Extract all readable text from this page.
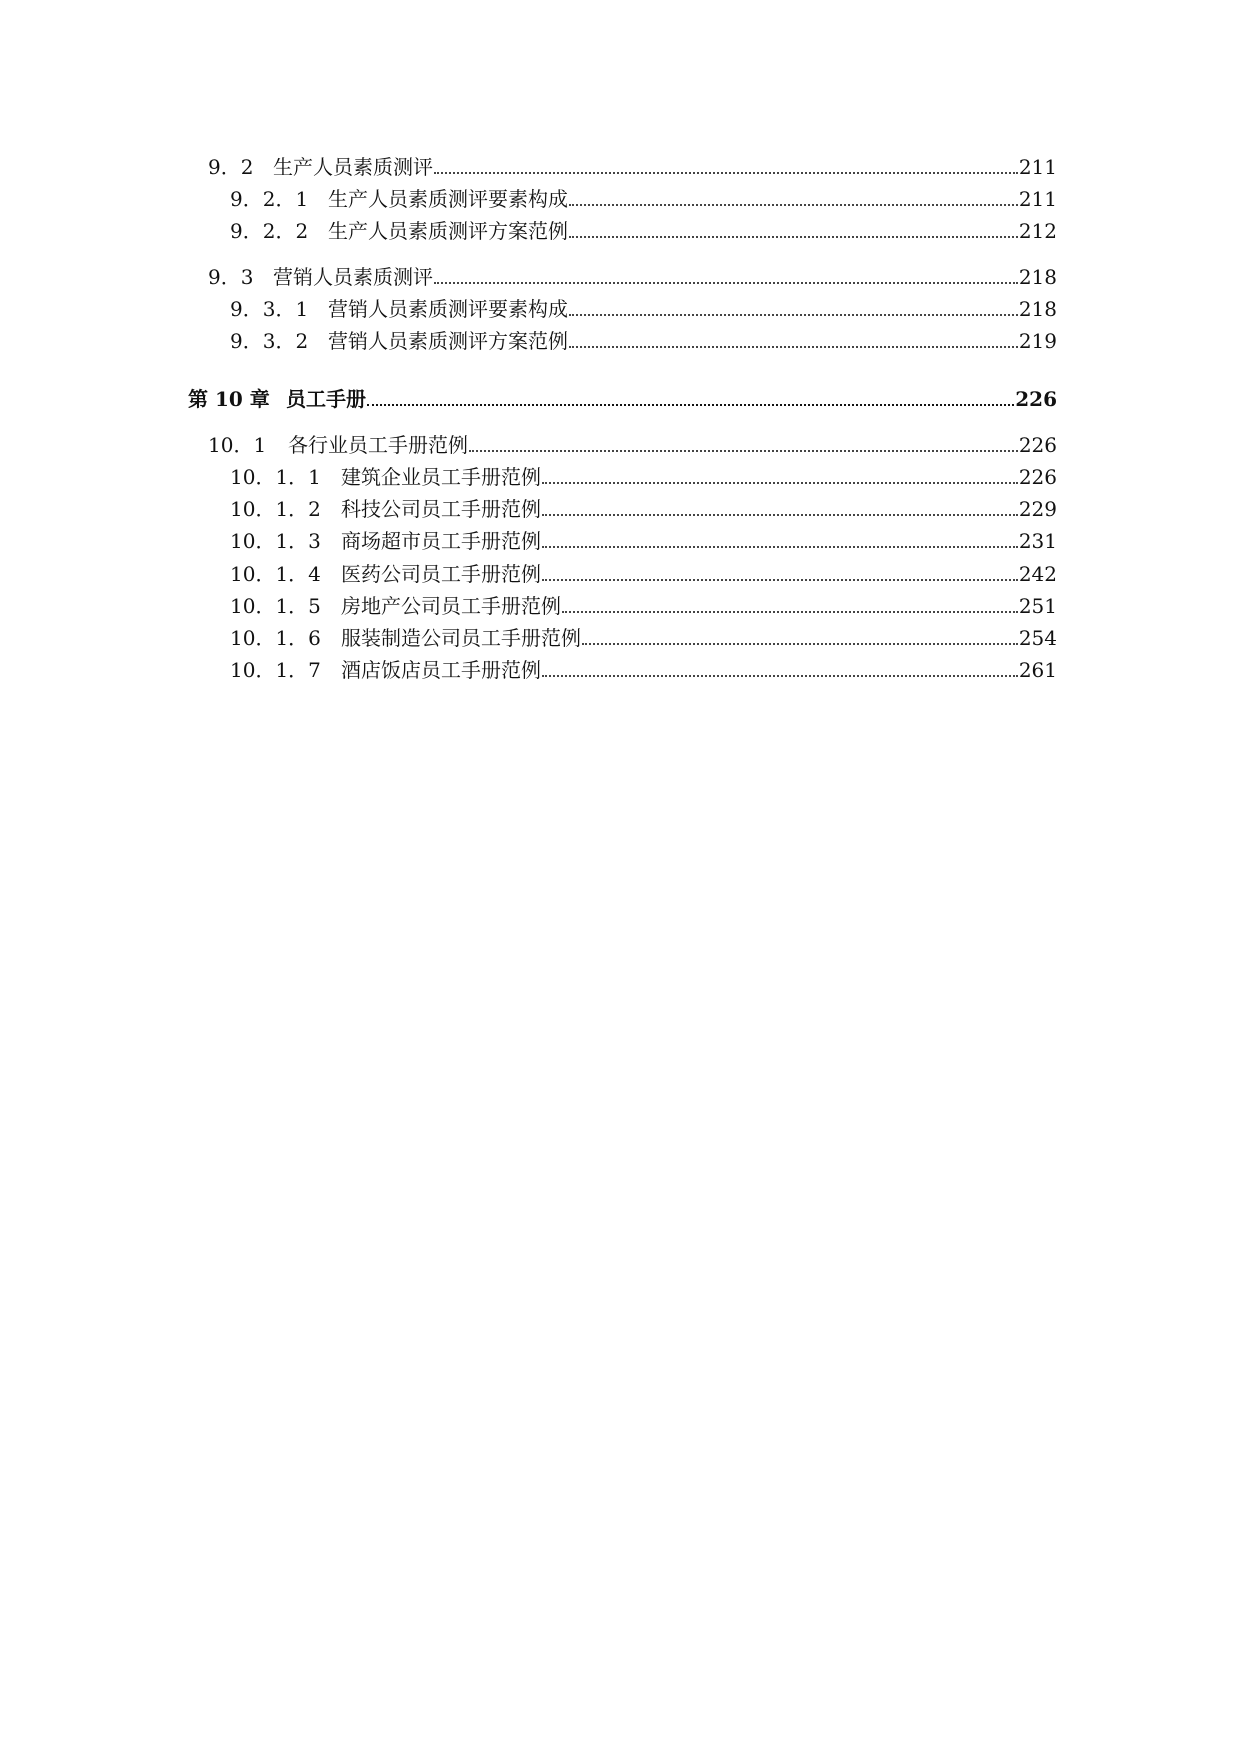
9．2 生产人员素质测评	211
9．2．1 生产人员素质测评要素构成	211
9．2．2 生产人员素质测评方案范例	212
9．3 营销人员素质测评	218
9．3．1 营销人员素质测评要素构成	218
9．3．2 营销人员素质测评方案范例	219
第 10 章 员工手册	226
10．1	各行业员工手册范例	226
10．1．1	建筑企业员工手册范例	226
10．1．2	科技公司员工手册范例	229
10．1．3	商场超市员工手册范例	231
10．1．4	医药公司员工手册范例	242
10．1．5	房地产公司员工手册范例	251
10．1．6	服装制造公司员工手册范例	254
10．1．7	酒店饭店员工手册范例	261
